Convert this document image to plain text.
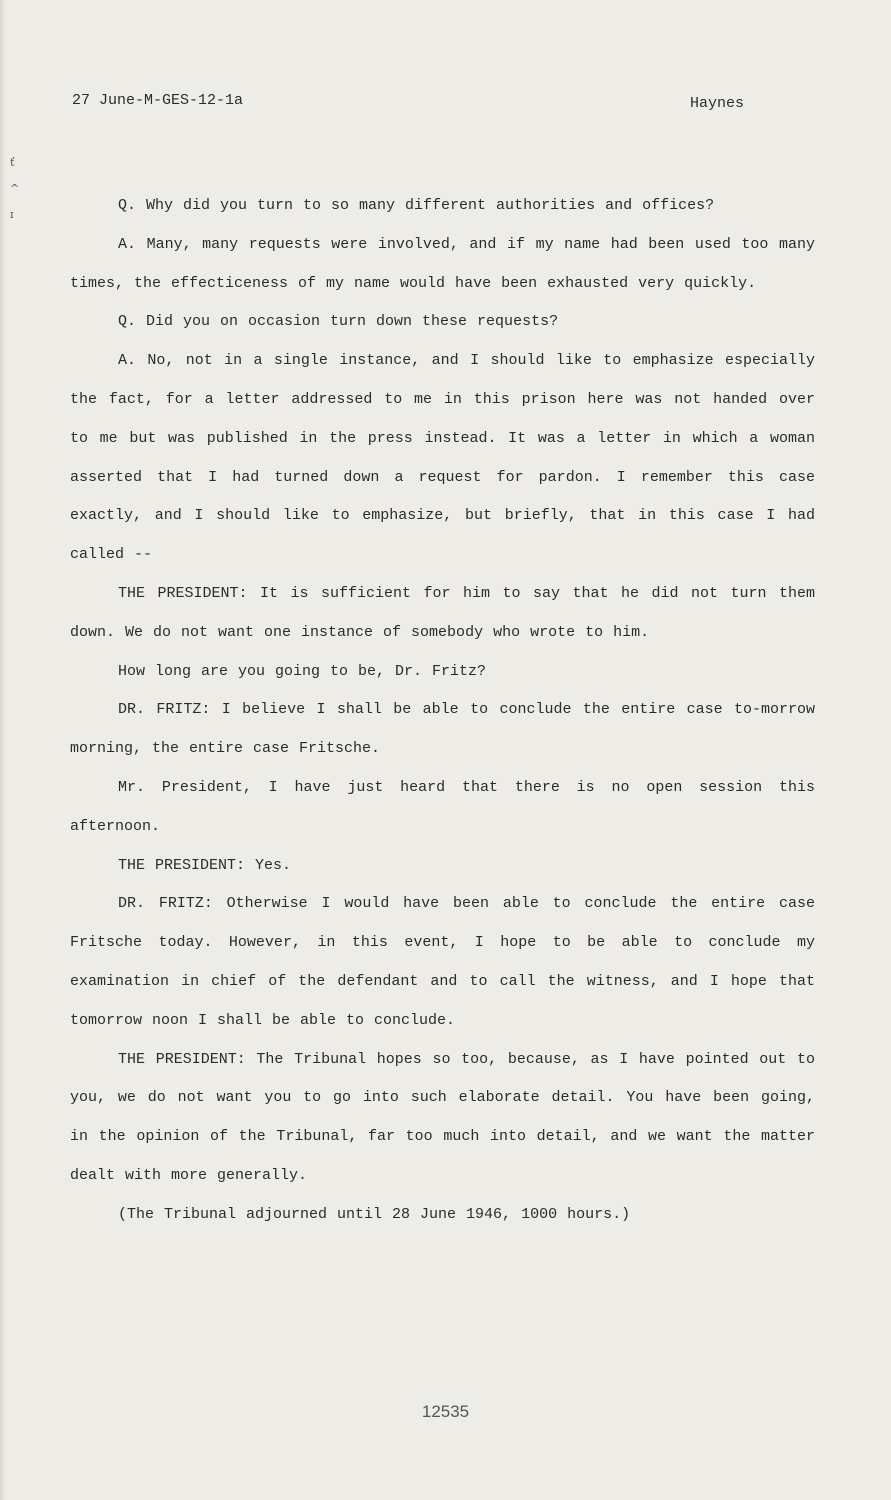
27 June-M-GES-12-1a	Haynes
ť
^
ɪ

Q. Why did you turn to so many different authorities and offices?

A. Many, many requests were involved, and if my name had been used too many times, the effecticeness of my name would have been exhausted very quickly.

Q. Did you on occasion turn down these requests?

A. No, not in a single instance, and I should like to emphasize especially the fact, for a letter addressed to me in this prison here was not handed over to me but was published in the press instead. It was a letter in which a woman asserted that I had turned down a request for pardon. I remember this case exactly, and I should like to emphasize, but briefly, that in this case I had called --

THE PRESIDENT: It is sufficient for him to say that he did not turn them down. We do not want one instance of somebody who wrote to him.

How long are you going to be, Dr. Fritz?

DR. FRITZ: I believe I shall be able to conclude the entire case to-morrow morning, the entire case Fritsche.

Mr. President, I have just heard that there is no open session this afternoon.

THE PRESIDENT: Yes.

DR. FRITZ: Otherwise I would have been able to conclude the entire case Fritsche today. However, in this event, I hope to be able to conclude my examination in chief of the defendant and to call the witness, and I hope that tomorrow noon I shall be able to conclude.

THE PRESIDENT: The Tribunal hopes so too, because, as I have pointed out to you, we do not want you to go into such elaborate detail. You have been going, in the opinion of the Tribunal, far too much into detail, and we want the matter dealt with more generally.

(The Tribunal adjourned until 28 June 1946, 1000 hours.)

12535
